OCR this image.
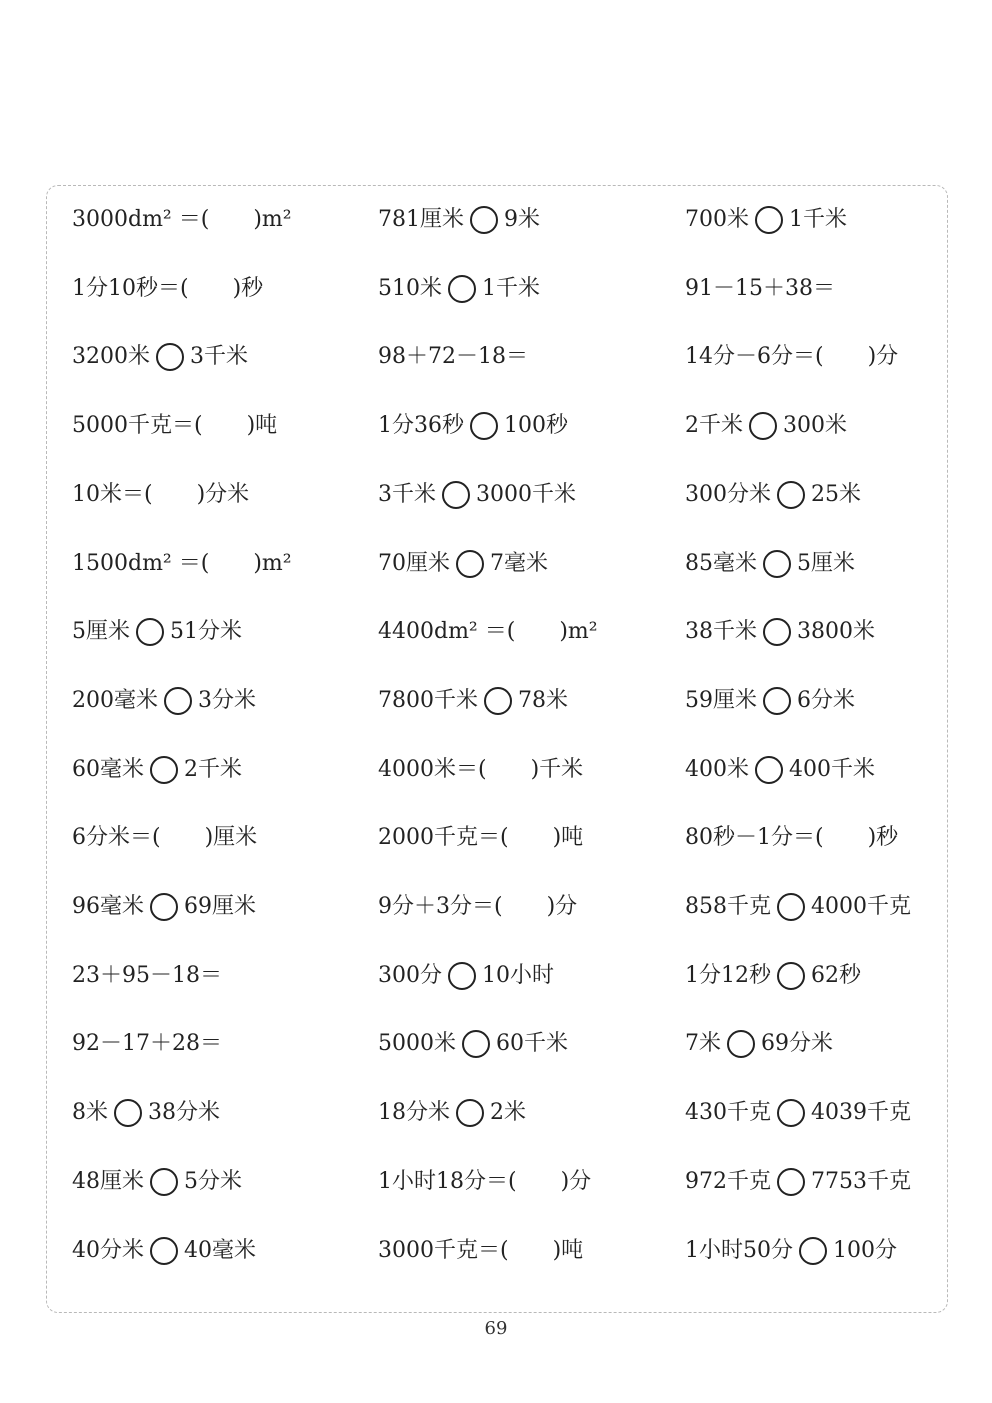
3000dm² ＝(　　)m²	781厘米 9米	700米 1千米
1分10秒＝(　　)秒	510米 1千米	91－15＋38＝
3200米 3千米	98＋72－18＝	14分－6分＝(　　)分
5000千克＝(　　)吨	1分36秒 100秒	2千米 300米
10米＝(　　)分米	3千米 3000千米	300分米 25米
1500dm² ＝(　　)m²	70厘米 7毫米	85毫米 5厘米
5厘米 51分米	4400dm² ＝(　　)m²	38千米 3800米
200毫米 3分米	7800千米 78米	59厘米 6分米
60毫米 2千米	4000米＝(　　)千米	400米 400千米
6分米＝(　　)厘米	2000千克＝(　　)吨	80秒－1分＝(　　)秒
96毫米 69厘米	9分＋3分＝(　　)分	858千克 4000千克
23＋95－18＝	300分 10小时	1分12秒 62秒
92－17＋28＝	5000米 60千米	7米 69分米
8米 38分米	18分米 2米	430千克 4039千克
48厘米 5分米	1小时18分＝(　　)分	972千克 7753千克
40分米 40毫米	3000千克＝(　　)吨	1小时50分 100分
69
